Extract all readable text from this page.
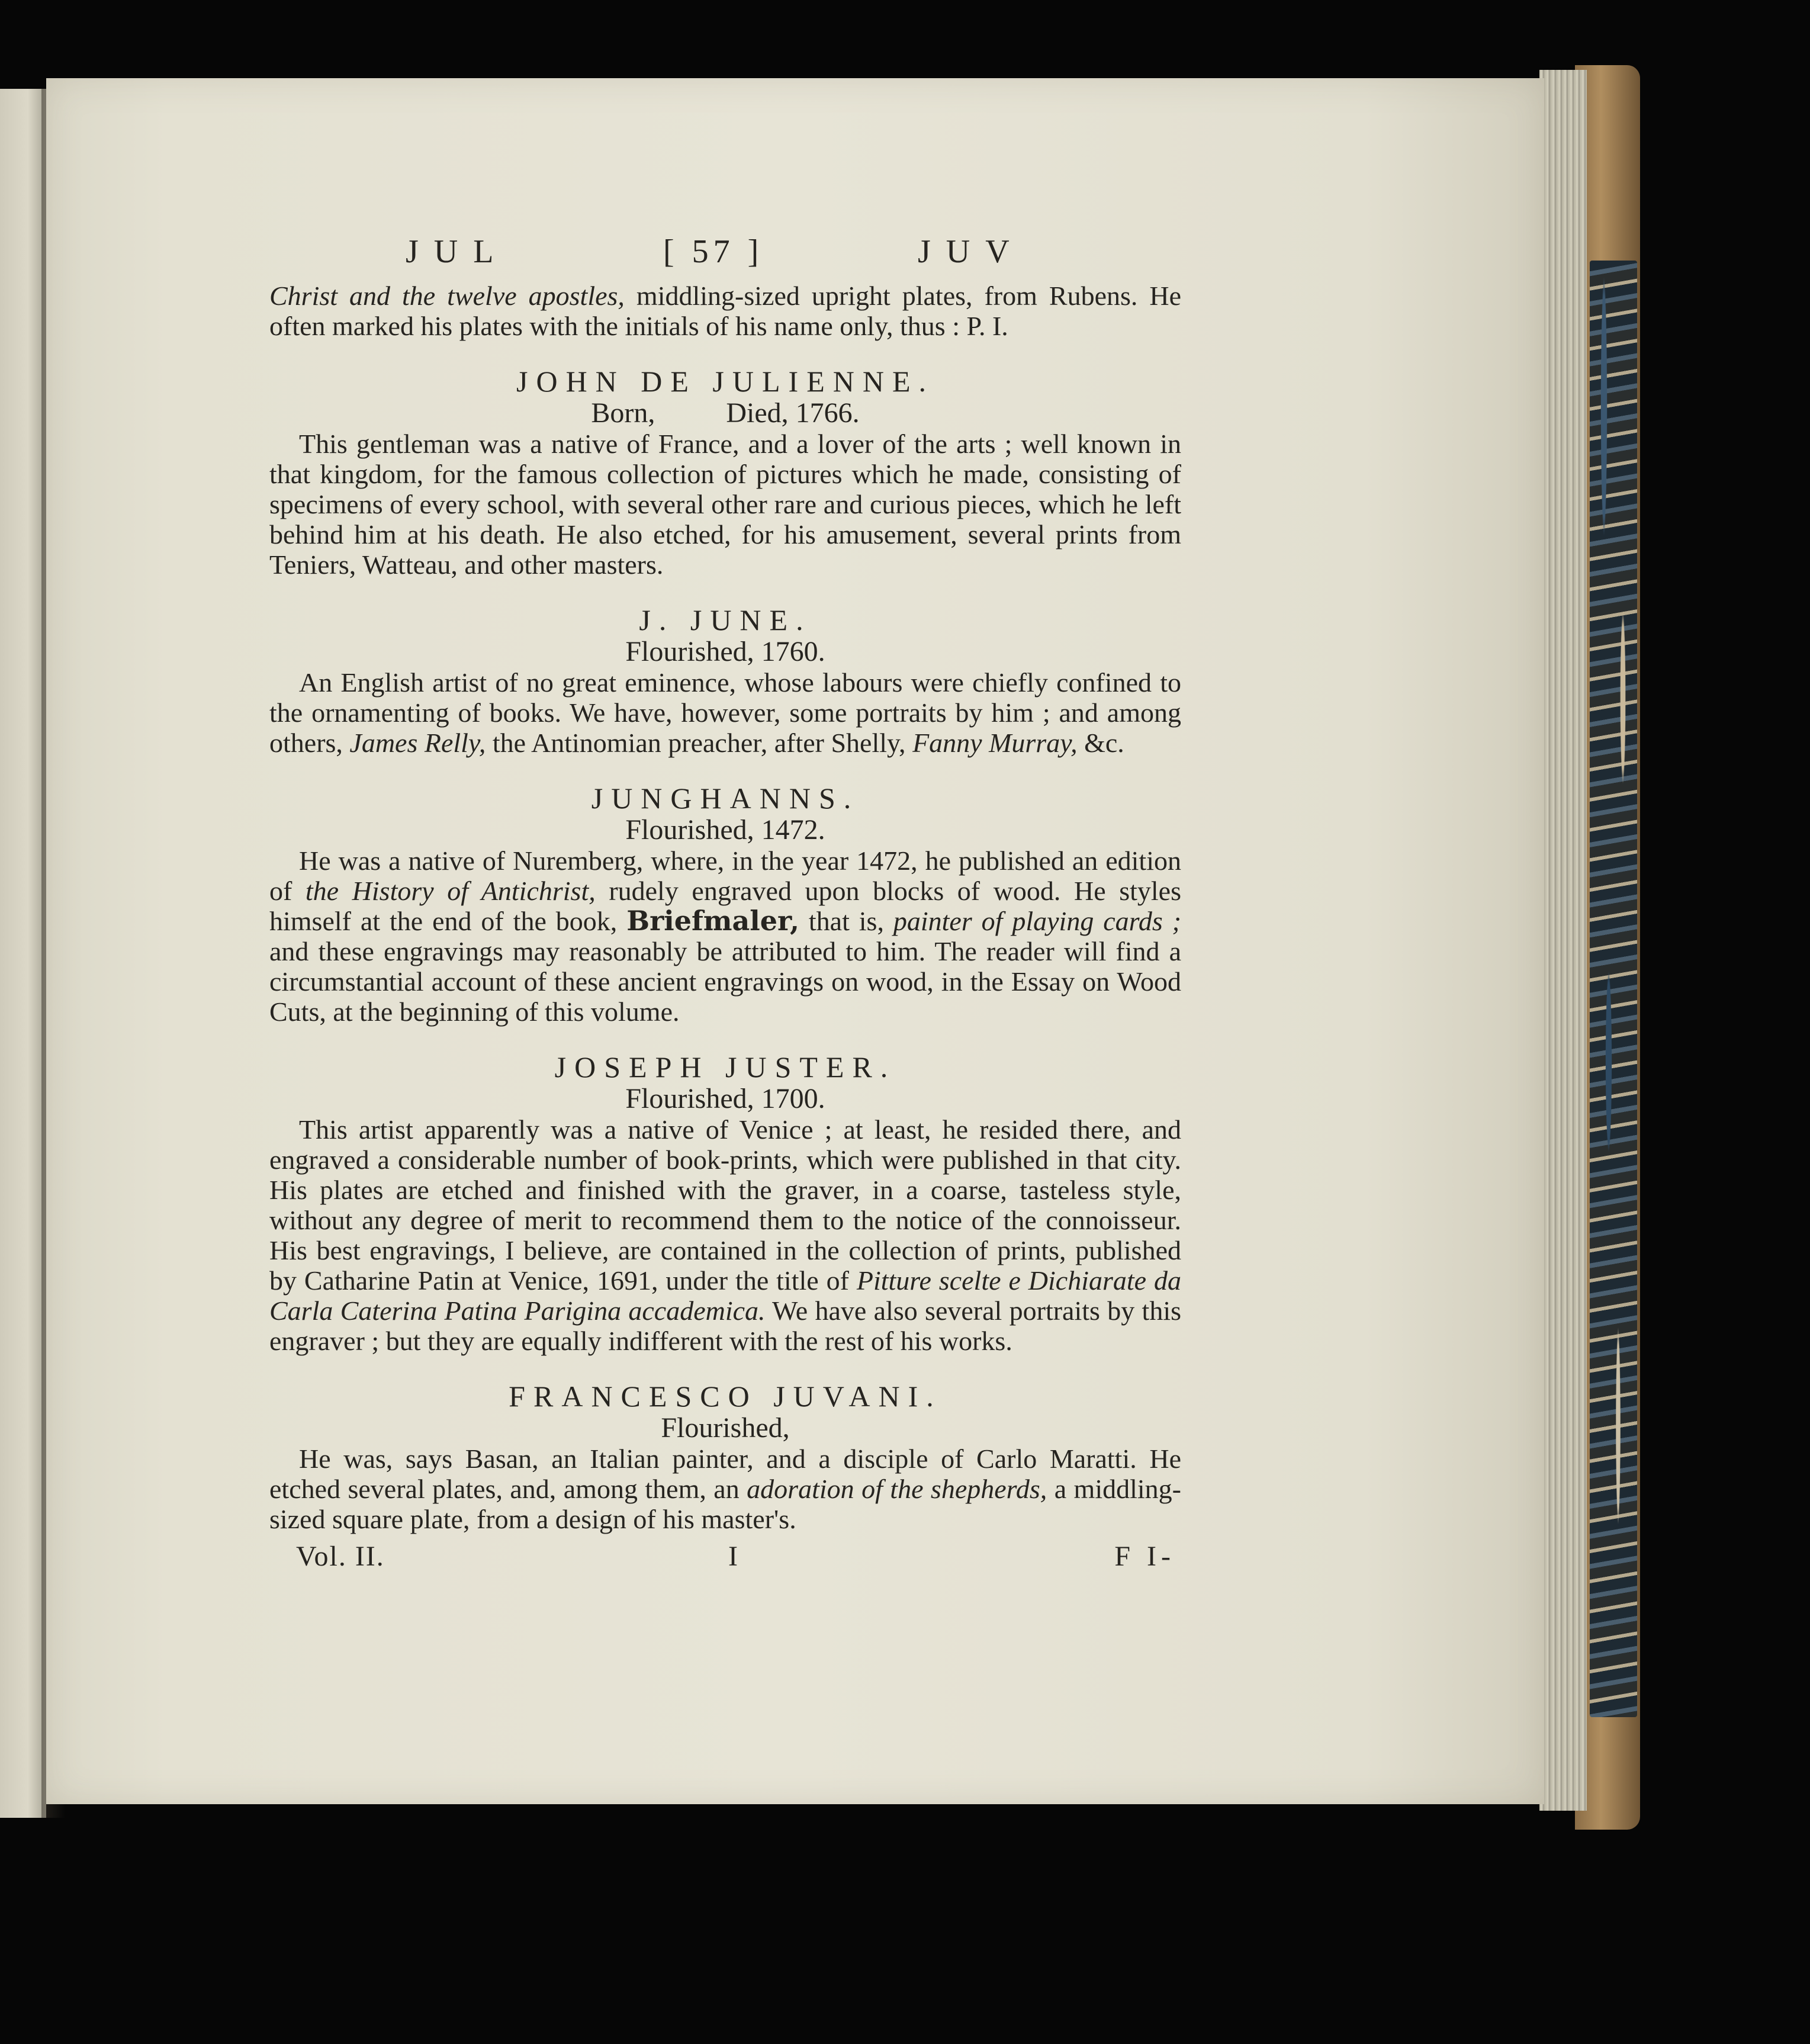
JUL	[ 57 ]	JUV

Christ and the twelve apostles, middling-sized upright plates, from Rubens. He often marked his plates with the initials of his name only, thus : P. I.

JOHN DE JULIENNE.
Born,	Died, 1766.

This gentleman was a native of France, and a lover of the arts ; well known in that kingdom, for the famous collection of pictures which he made, consisting of specimens of every school, with several other rare and curious pieces, which he left behind him at his death. He also etched, for his amusement, several prints from Teniers, Watteau, and other masters.

J. JUNE.
Flourished, 1760.

An English artist of no great eminence, whose labours were chiefly confined to the ornamenting of books. We have, however, some portraits by him ; and among others, James Relly, the Antinomian preacher, after Shelly, Fanny Murray, &c.

JUNGHANNS.
Flourished, 1472.

He was a native of Nuremberg, where, in the year 1472, he published an edition of the History of Antichrist, rudely engraved upon blocks of wood. He styles himself at the end of the book, Briefmaler, that is, painter of playing cards ; and these engravings may reasonably be attributed to him. The reader will find a circumstantial account of these ancient engravings on wood, in the Essay on Wood Cuts, at the beginning of this volume.

JOSEPH JUSTER.
Flourished, 1700.

This artist apparently was a native of Venice ; at least, he resided there, and engraved a considerable number of book-prints, which were published in that city. His plates are etched and finished with the graver, in a coarse, tasteless style, without any degree of merit to recommend them to the notice of the connoisseur. His best engravings, I believe, are contained in the collection of prints, published by Catharine Patin at Venice, 1691, under the title of Pitture scelte e Dichiarate da Carla Caterina Patina Parigina accademica. We have also several portraits by this engraver ; but they are equally indifferent with the rest of his works.

FRANCESCO JUVANI.
Flourished,

He was, says Basan, an Italian painter, and a disciple of Carlo Maratti. He etched several plates, and, among them, an adoration of the shepherds, a middling-sized square plate, from a design of his master's.

Vol. II.	I	F I-
